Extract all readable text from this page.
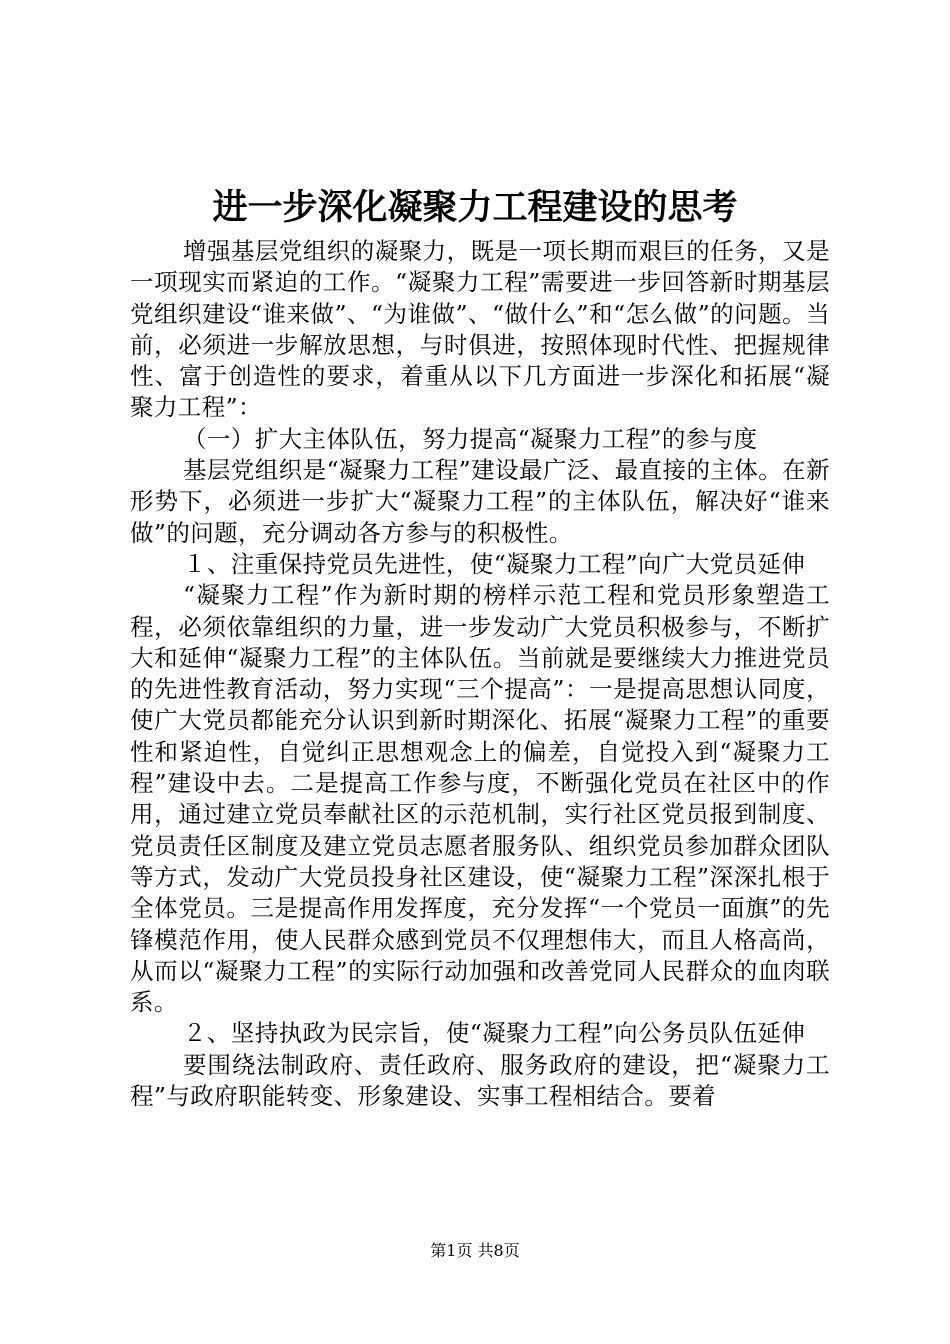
进一步深化凝聚力工程建设的思考

增强基层党组织的凝聚力，既是一项长期而艰巨的任务，又是一项现实而紧迫的工作。“凝聚力工程”需要进一步回答新时期基层党组织建设“谁来做”、“为谁做”、“做什么”和“怎么做”的问题。当前，必须进一步解放思想，与时俱进，按照体现时代性、把握规律性、富于创造性的要求，着重从以下几方面进一步深化和拓展“凝聚力工程”：

（一）扩大主体队伍，努力提高“凝聚力工程”的参与度

基层党组织是“凝聚力工程”建设最广泛、最直接的主体。在新形势下，必须进一步扩大“凝聚力工程”的主体队伍，解决好“谁来做”的问题，充分调动各方参与的积极性。

１、注重保持党员先进性，使“凝聚力工程”向广大党员延伸

“凝聚力工程”作为新时期的榜样示范工程和党员形象塑造工程，必须依靠组织的力量，进一步发动广大党员积极参与，不断扩大和延伸“凝聚力工程”的主体队伍。当前就是要继续大力推进党员的先进性教育活动，努力实现“三个提高”：一是提高思想认同度，使广大党员都能充分认识到新时期深化、拓展“凝聚力工程”的重要性和紧迫性，自觉纠正思想观念上的偏差，自觉投入到“凝聚力工程”建设中去。二是提高工作参与度，不断强化党员在社区中的作用，通过建立党员奉献社区的示范机制，实行社区党员报到制度、党员责任区制度及建立党员志愿者服务队、组织党员参加群众团队等方式，发动广大党员投身社区建设，使“凝聚力工程”深深扎根于全体党员。三是提高作用发挥度，充分发挥“一个党员一面旗”的先锋模范作用，使人民群众感到党员不仅理想伟大，而且人格高尚，从而以“凝聚力工程”的实际行动加强和改善党同人民群众的血肉联系。

２、坚持执政为民宗旨，使“凝聚力工程”向公务员队伍延伸

要围绕法制政府、责任政府、服务政府的建设，把“凝聚力工程”与政府职能转变、形象建设、实事工程相结合。要着

第1页 共8页
